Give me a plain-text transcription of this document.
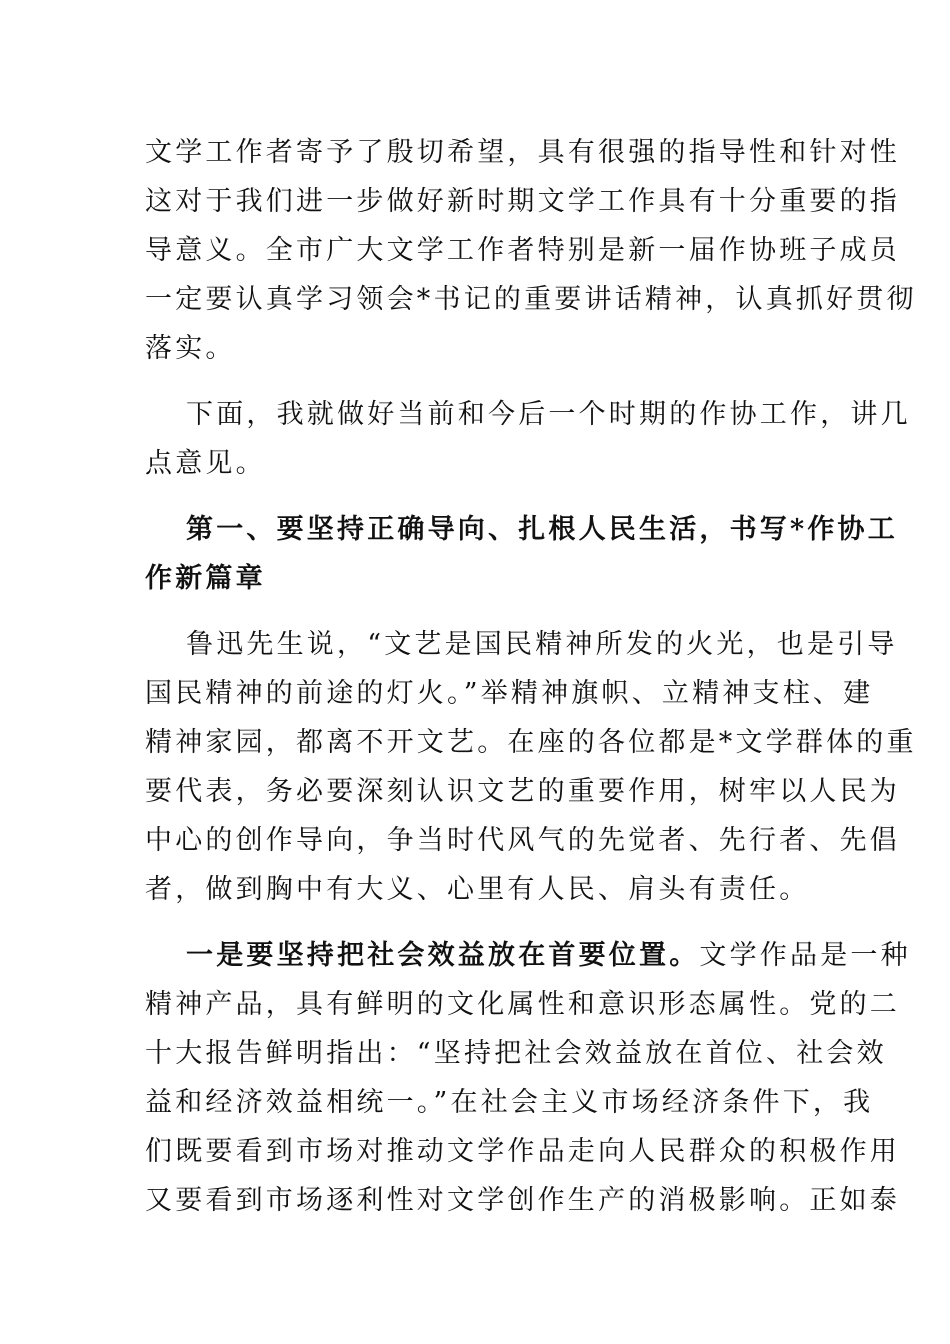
文学工作者寄予了殷切希望，具有很强的指导性和针对性
这对于我们进一步做好新时期文学工作具有十分重要的指
导意义。全市广大文学工作者特别是新一届作协班子成员
一定要认真学习领会*书记的重要讲话精神，认真抓好贯彻
落实。
下面，我就做好当前和今后一个时期的作协工作，讲几
点意见。
第一、要坚持正确导向、扎根人民生活，书写*作协工
作新篇章
鲁迅先生说，“文艺是国民精神所发的火光，也是引导
国民精神的前途的灯火。”举精神旗帜、立精神支柱、建
精神家园，都离不开文艺。在座的各位都是*文学群体的重
要代表，务必要深刻认识文艺的重要作用，树牢以人民为
中心的创作导向，争当时代风气的先觉者、先行者、先倡
者，做到胸中有大义、心里有人民、肩头有责任。
一是要坚持把社会效益放在首要位置。文学作品是一种
精神产品，具有鲜明的文化属性和意识形态属性。党的二
十大报告鲜明指出：“坚持把社会效益放在首位、社会效
益和经济效益相统一。”在社会主义市场经济条件下，我
们既要看到市场对推动文学作品走向人民群众的积极作用
又要看到市场逐利性对文学创作生产的消极影响。正如泰
